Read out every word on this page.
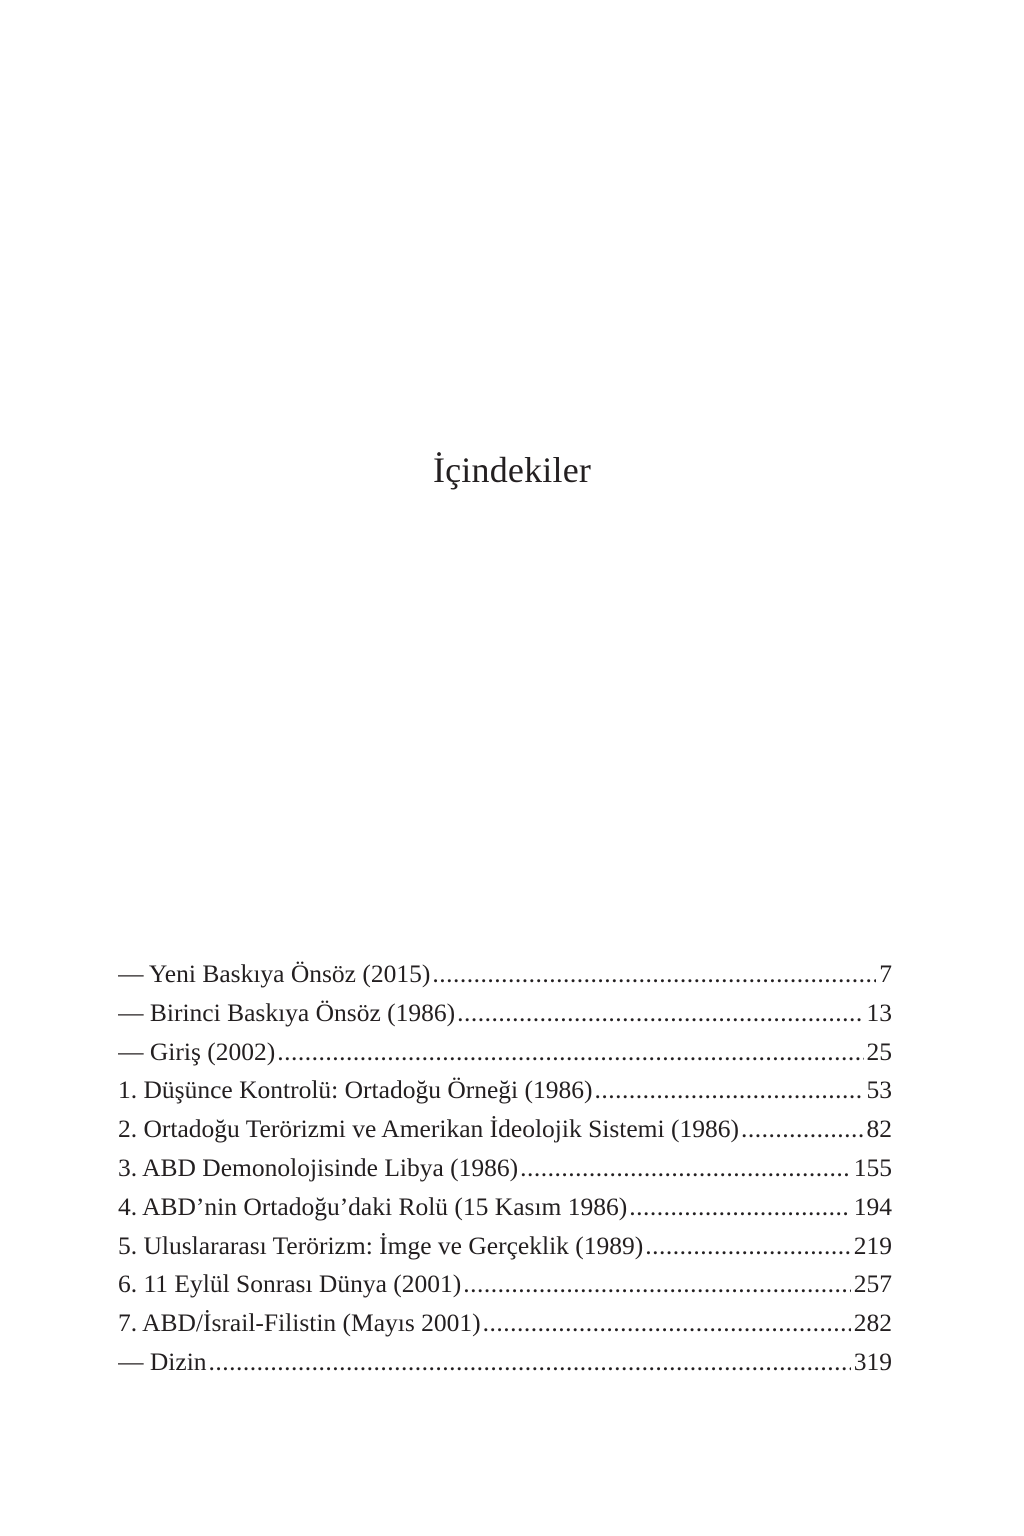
İçindekiler
— Yeni Baskıya Önsöz (2015) .....	7
— Birinci Baskıya Önsöz (1986) .....	13
— Giriş (2002) .....	25
1. Düşünce Kontrolü: Ortadoğu Örneği (1986) .....	53
2. Ortadoğu Terörizmi ve Amerikan İdeolojik Sistemi (1986) .....	82
3. ABD Demonolojisinde Libya (1986) .....	155
4. ABD’nin Ortadoğu’daki Rolü (15 Kasım 1986) .....	194
5. Uluslararası Terörizm: İmge ve Gerçeklik (1989) .....	219
6. 11 Eylül Sonrası Dünya (2001) .....	257
7. ABD/İsrail-Filistin (Mayıs 2001) .....	282
— Dizin .....	319
